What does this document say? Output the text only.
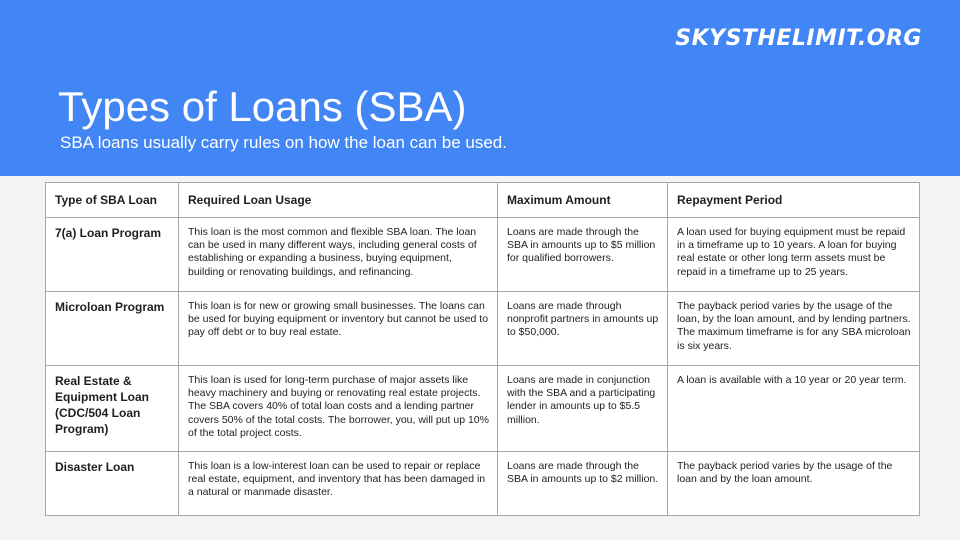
SKYSTHELIMIT.ORG
Types of Loans (SBA)
SBA loans usually carry rules on how the loan can be used.
Type of SBA Loan	Required Loan Usage	Maximum Amount	Repayment Period
7(a) Loan Program	This loan is the most common and flexible SBA loan. The loan can be used in many different ways, including general costs of establishing or expanding a business, buying equipment, building or renovating buildings, and refinancing.	Loans are made through the SBA in amounts up to $5 million for qualified borrowers.	A loan used for buying equipment must be repaid in a timeframe up to 10 years. A loan for buying real estate or other long term assets must be repaid in a timeframe up to 25 years.
Microloan Program	This loan is for new or growing small businesses. The loans can be used for buying equipment or inventory but cannot be used to pay off debt or to buy real estate.	Loans are made through nonprofit partners in amounts up to $50,000.	The payback period varies by the usage of the loan, by the loan amount, and by lending partners. The maximum timeframe is for any SBA microloan is six years.
Real Estate & Equipment Loan (CDC/504 Loan Program)	This loan is used for long-term purchase of major assets like heavy machinery and buying or renovating real estate projects. The SBA covers 40% of total loan costs and a lending partner covers 50% of the total costs. The borrower, you, will put up 10% of the total project costs.	Loans are made in conjunction with the SBA and a participating lender in amounts up to $5.5 million.	A loan is available with a 10 year or 20 year term.
Disaster Loan	This loan is a low-interest loan can be used to repair or replace real estate, equipment, and inventory that has been damaged in a natural or manmade disaster.	Loans are made through the SBA in amounts up to $2 million.	The payback period varies by the usage of the loan and by the loan amount.
